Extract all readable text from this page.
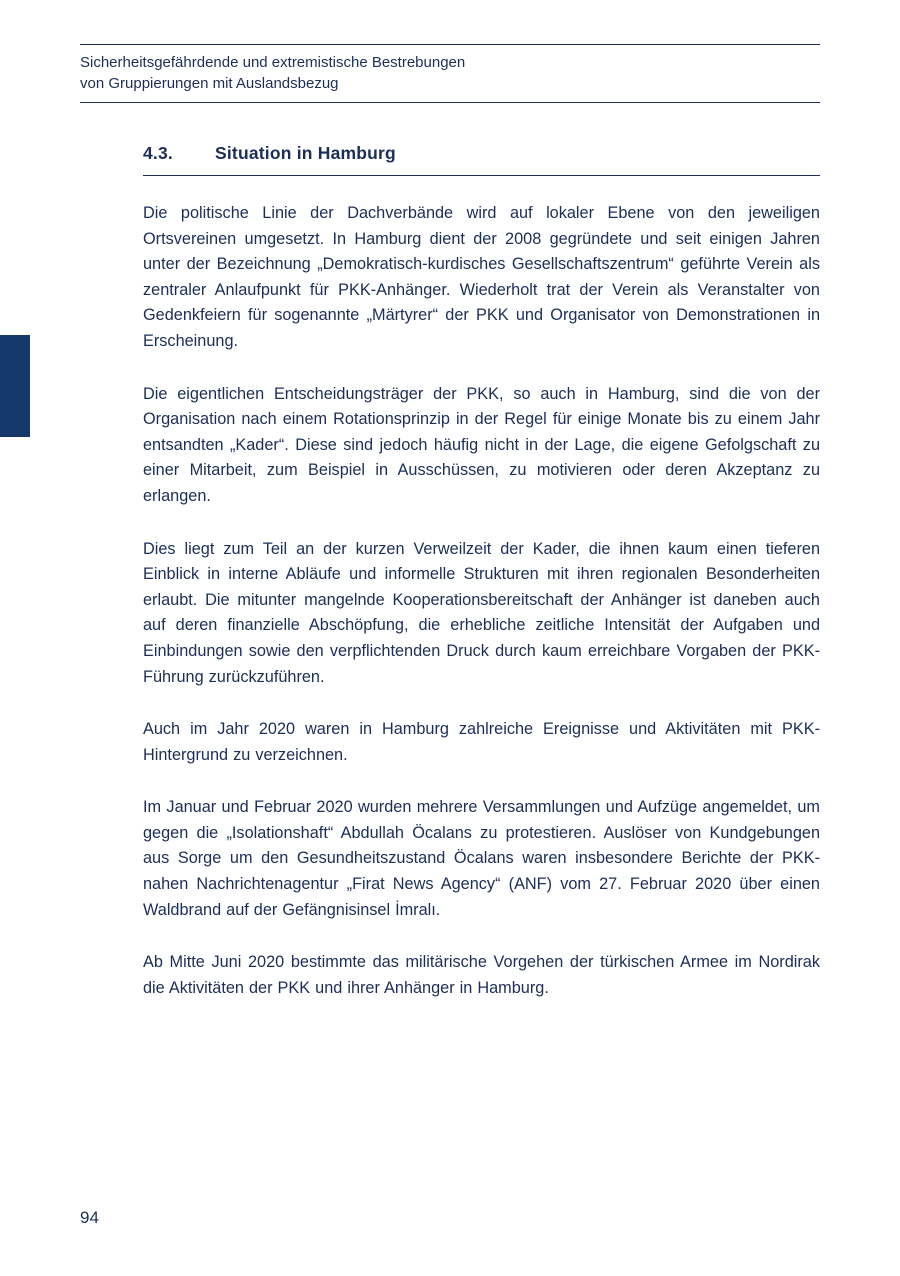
Sicherheitsgefährdende und extremistische Bestrebungen
von Gruppierungen mit Auslandsbezug
4.3. Situation in Hamburg

Die politische Linie der Dachverbände wird auf lokaler Ebene von den jeweiligen Ortsvereinen umgesetzt. In Hamburg dient der 2008 gegründete und seit einigen Jahren unter der Bezeichnung „Demokratisch-kurdisches Gesellschaftszentrum“ geführte Verein als zentraler Anlaufpunkt für PKK-Anhänger. Wiederholt trat der Verein als Veranstalter von Gedenkfeiern für sogenannte „Märtyrer“ der PKK und Organisator von Demonstrationen in Erscheinung.

Die eigentlichen Entscheidungsträger der PKK, so auch in Hamburg, sind die von der Organisation nach einem Rotationsprinzip in der Regel für einige Monate bis zu einem Jahr entsandten „Kader“. Diese sind jedoch häufig nicht in der Lage, die eigene Gefolgschaft zu einer Mitarbeit, zum Beispiel in Ausschüssen, zu motivieren oder deren Akzeptanz zu erlangen.

Dies liegt zum Teil an der kurzen Verweilzeit der Kader, die ihnen kaum einen tieferen Einblick in interne Abläufe und informelle Strukturen mit ihren regionalen Besonderheiten erlaubt. Die mitunter mangelnde Kooperationsbereitschaft der Anhänger ist daneben auch auf deren finanzielle Abschöpfung, die erhebliche zeitliche Intensität der Aufgaben und Einbindungen sowie den verpflichtenden Druck durch kaum erreichbare Vorgaben der PKK-Führung zurückzuführen.

Auch im Jahr 2020 waren in Hamburg zahlreiche Ereignisse und Aktivitäten mit PKK-Hintergrund zu verzeichnen.

Im Januar und Februar 2020 wurden mehrere Versammlungen und Aufzüge angemeldet, um gegen die „Isolationshaft“ Abdullah Öcalans zu protestieren. Auslöser von Kundgebungen aus Sorge um den Gesundheitszustand Öcalans waren insbesondere Berichte der PKK-nahen Nachrichtenagentur „Firat News Agency“ (ANF) vom 27. Februar 2020 über einen Waldbrand auf der Gefängnisinsel İmralı.

Ab Mitte Juni 2020 bestimmte das militärische Vorgehen der türkischen Armee im Nordirak die Aktivitäten der PKK und ihrer Anhänger in Hamburg.

94
